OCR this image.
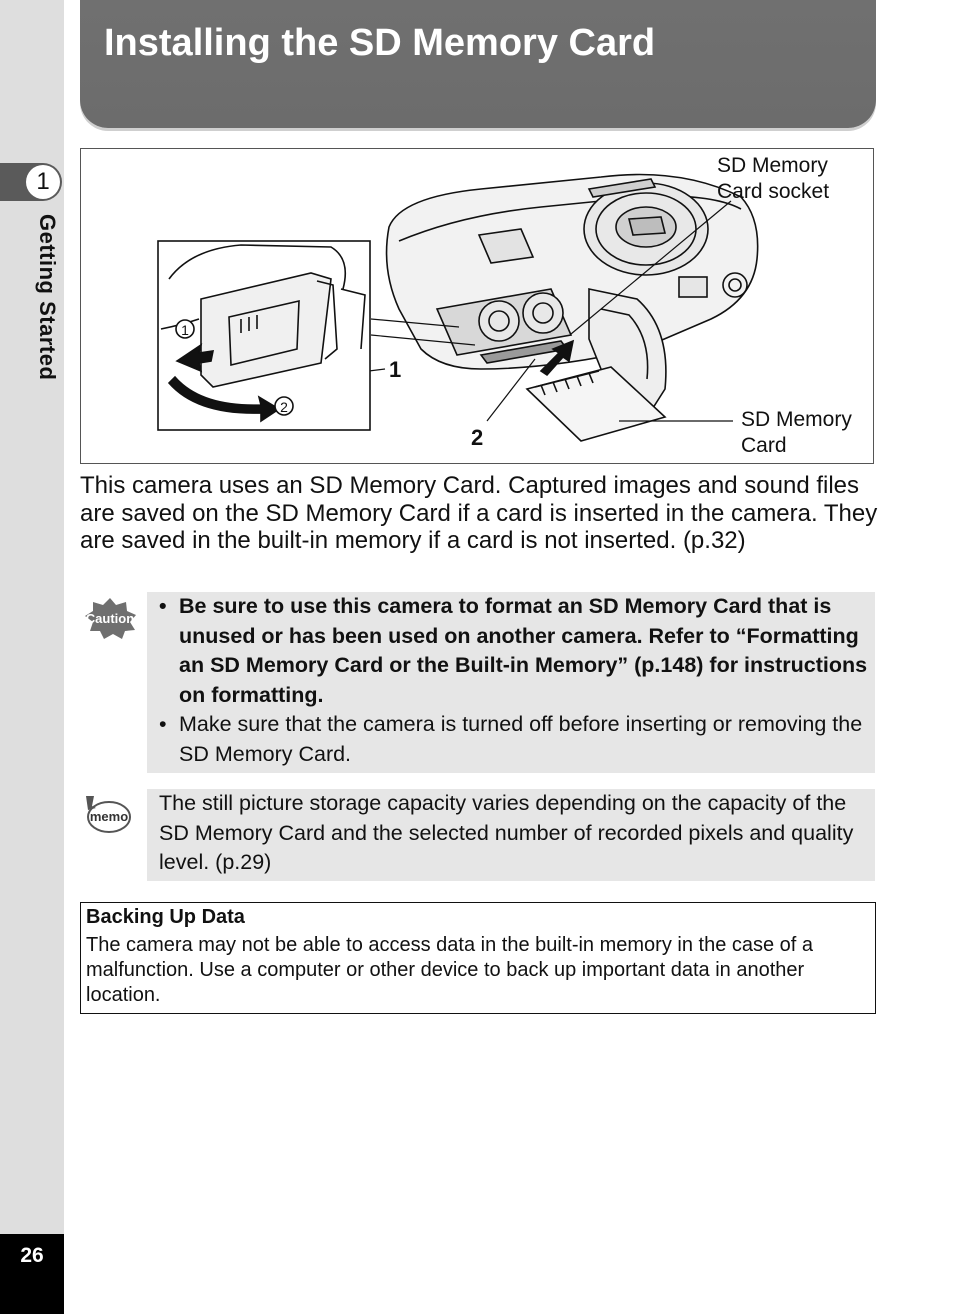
1
Getting Started
26
Installing the SD Memory Card
1
2
SD Memory
Card socket
SD Memory
Card
1
2

This camera uses an SD Memory Card. Captured images and sound files are saved on the SD Memory Card if a card is inserted in the camera. They are saved in the built-in memory if a card is not inserted. (p.32)

Caution
• Be sure to use this camera to format an SD Memory Card that is unused or has been used on another camera. Refer to “Formatting an SD Memory Card or the Built-in Memory” (p.148) for instructions on formatting.
• Make sure that the camera is turned off before inserting or removing the SD Memory Card.
memo

The still picture storage capacity varies depending on the capacity of the SD Memory Card and the selected number of recorded pixels and quality level. (p.29)

Backing Up Data

The camera may not be able to access data in the built-in memory in the case of a malfunction. Use a computer or other device to back up important data in another location.
